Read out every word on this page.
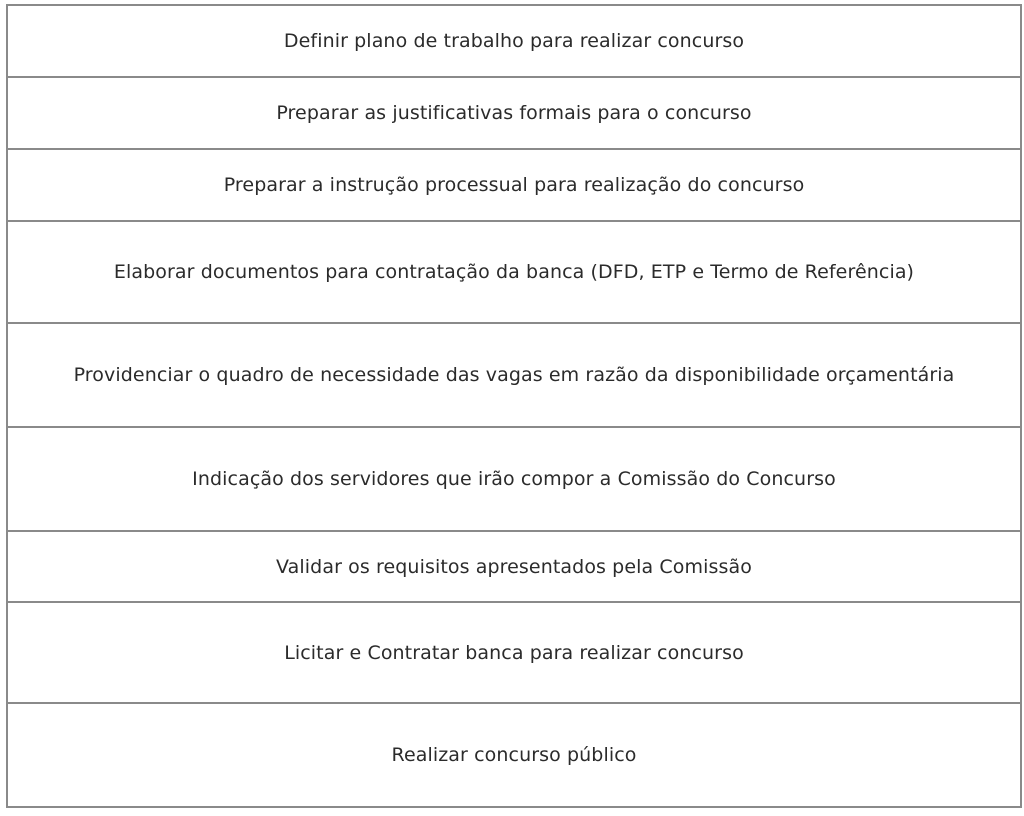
Definir plano de trabalho para realizar concurso
Preparar as justificativas formais para o concurso
Preparar a instrução processual para realização do concurso
Elaborar documentos para contratação da banca (DFD, ETP e Termo de Referência)
Providenciar o quadro de necessidade das vagas em razão da disponibilidade orçamentária
Indicação dos servidores que irão compor a Comissão do Concurso
Validar os requisitos apresentados pela Comissão
Licitar e Contratar banca para realizar concurso
Realizar concurso público
